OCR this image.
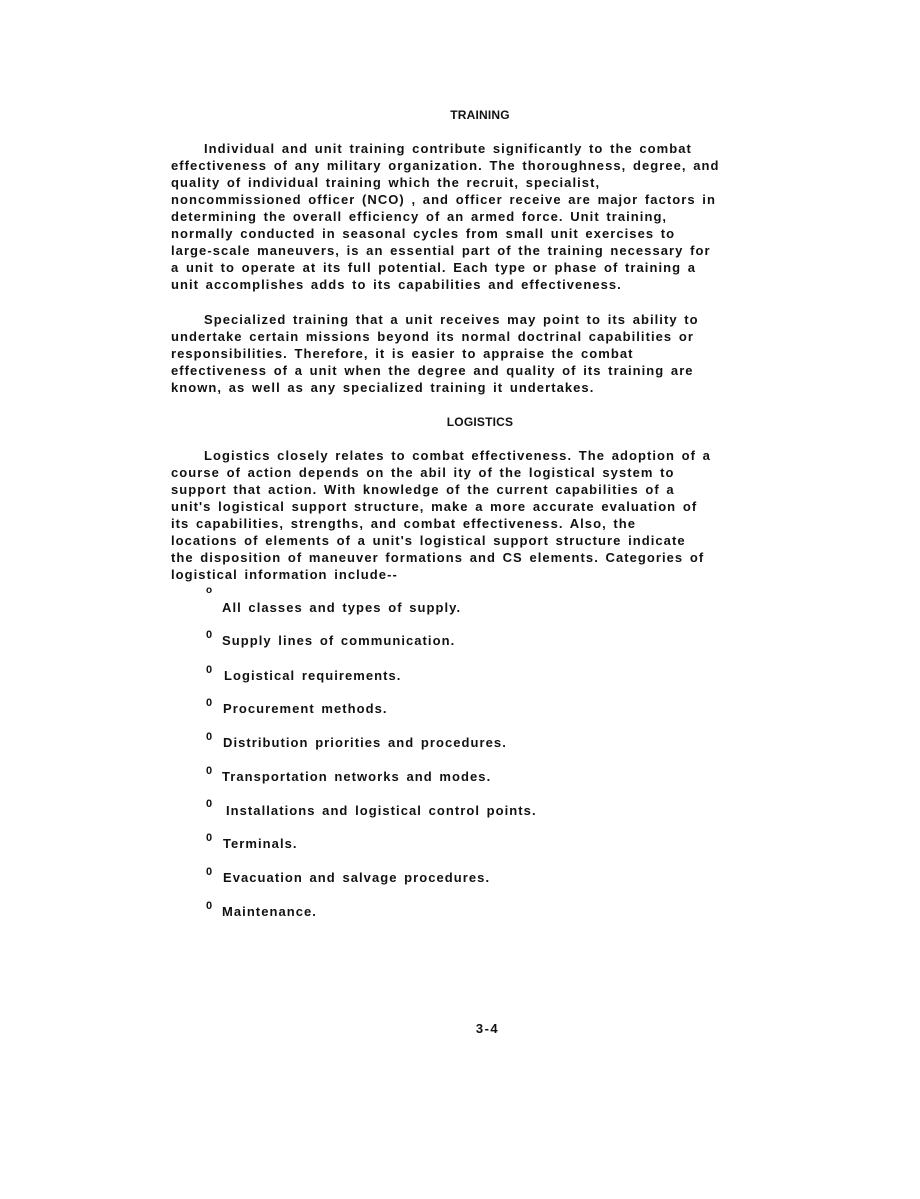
TRAINING
Individual and unit training contribute significantly to the combat
effectiveness of any military organization. The thoroughness, degree, and
quality of individual training which the recruit, specialist,
noncommissioned officer (NCO) , and officer receive are major factors in
determining the overall efficiency of an armed force. Unit training,
normally conducted in seasonal cycles from small unit exercises to
large-scale maneuvers, is an essential part of the training necessary for
a unit to operate at its full potential. Each type or phase of training a
unit accomplishes adds to its capabilities and effectiveness.
Specialized training that a unit receives may point to its ability to
undertake certain missions beyond its normal doctrinal capabilities or
responsibilities. Therefore, it is easier to appraise the combat
effectiveness of a unit when the degree and quality of its training are
known, as well as any specialized training it undertakes.
LOGISTICS
Logistics closely relates to combat effectiveness. The adoption of a
course of action depends on the abil ity of the logistical system to
support that action. With knowledge of the current capabilities of a
unit's logistical support structure, make a more accurate evaluation of
its capabilities, strengths, and combat effectiveness. Also, the
locations of elements of a unit's logistical support structure indicate
the disposition of maneuver formations and CS elements. Categories of
logistical information include--
o
All classes and types of supply.
0 Supply lines of communication.
0 Logistical requirements.
0 Procurement methods.
0 Distribution priorities and procedures.
0 Transportation networks and modes.
0 Installations and logistical control points.
0 Terminals.
0 Evacuation and salvage procedures.
0 Maintenance.
3-4
